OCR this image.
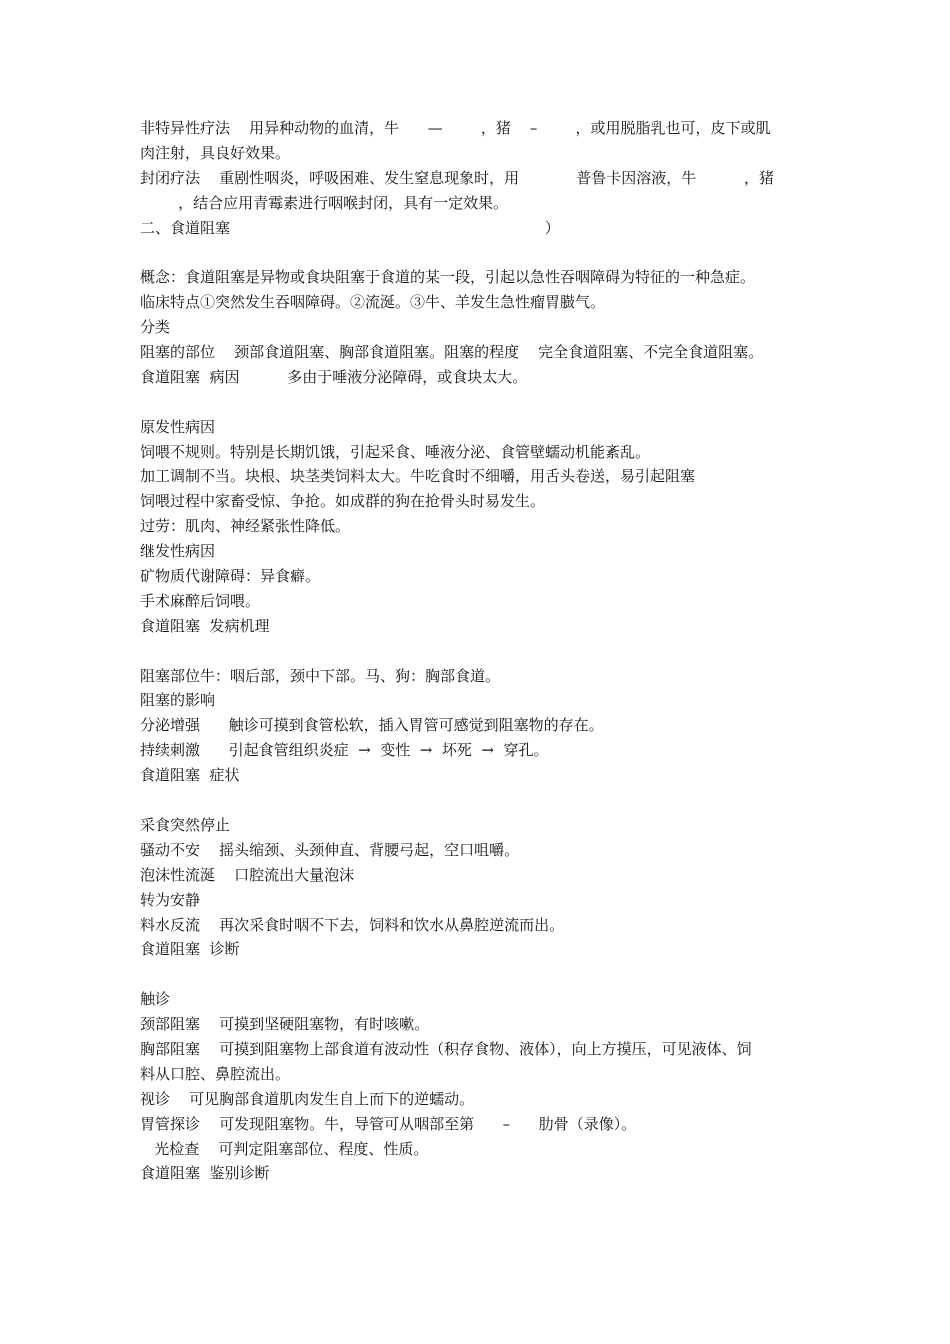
非特异性疗法    用异种动物的血清，牛      —        ，猪    –        ，或用脱脂乳也可，皮下或肌
肉注射，具良好效果。
封闭疗法    重剧性咽炎，呼吸困难、发生窒息现象时，用            普鲁卡因溶液，牛          ，猪
，结合应用青霉素进行咽喉封闭，具有一定效果。
二、食道阻塞                                                                  ）
概念：食道阻塞是异物或食块阻塞于食道的某一段，引起以急性吞咽障碍为特征的一种急症。
临床特点①突然发生吞咽障碍。②流涎。③牛、羊发生急性瘤胃臌气。
分类
阻塞的部位    颈部食道阻塞、胸部食道阻塞。阻塞的程度    完全食道阻塞、不完全食道阻塞。
食道阻塞  病因          多由于唾液分泌障碍，或食块太大。
原发性病因
饲喂不规则。特别是长期饥饿，引起采食、唾液分泌、食管壁蠕动机能紊乱。
加工调制不当。块根、块茎类饲料太大。牛吃食时不细嚼，用舌头卷送，易引起阻塞
饲喂过程中家畜受惊、争抢。如成群的狗在抢骨头时易发生。
过劳：肌肉、神经紧张性降低。
继发性病因
矿物质代谢障碍：异食癖。
手术麻醉后饲喂。
食道阻塞  发病机理
阻塞部位牛：咽后部，颈中下部。马、狗：胸部食道。
阻塞的影响
分泌增强      触诊可摸到食管松软，插入胃管可感觉到阻塞物的存在。
持续刺激      引起食管组织炎症  →  变性  →  坏死  →  穿孔。
食道阻塞  症状
采食突然停止
骚动不安    摇头缩颈、头颈伸直、背腰弓起，空口咀嚼。
泡沫性流涎    口腔流出大量泡沫
转为安静
料水反流    再次采食时咽不下去，饲料和饮水从鼻腔逆流而出。
食道阻塞  诊断
触诊
颈部阻塞    可摸到坚硬阻塞物，有时咳嗽。
胸部阻塞    可摸到阻塞物上部食道有波动性（积存食物、液体），向上方摸压，可见液体、饲
料从口腔、鼻腔流出。
视诊    可见胸部食道肌肉发生自上而下的逆蠕动。
胃管探诊    可发现阻塞物。牛，导管可从咽部至第      –      肋骨（录像）。
光检查    可判定阻塞部位、程度、性质。
食道阻塞  鉴别诊断
